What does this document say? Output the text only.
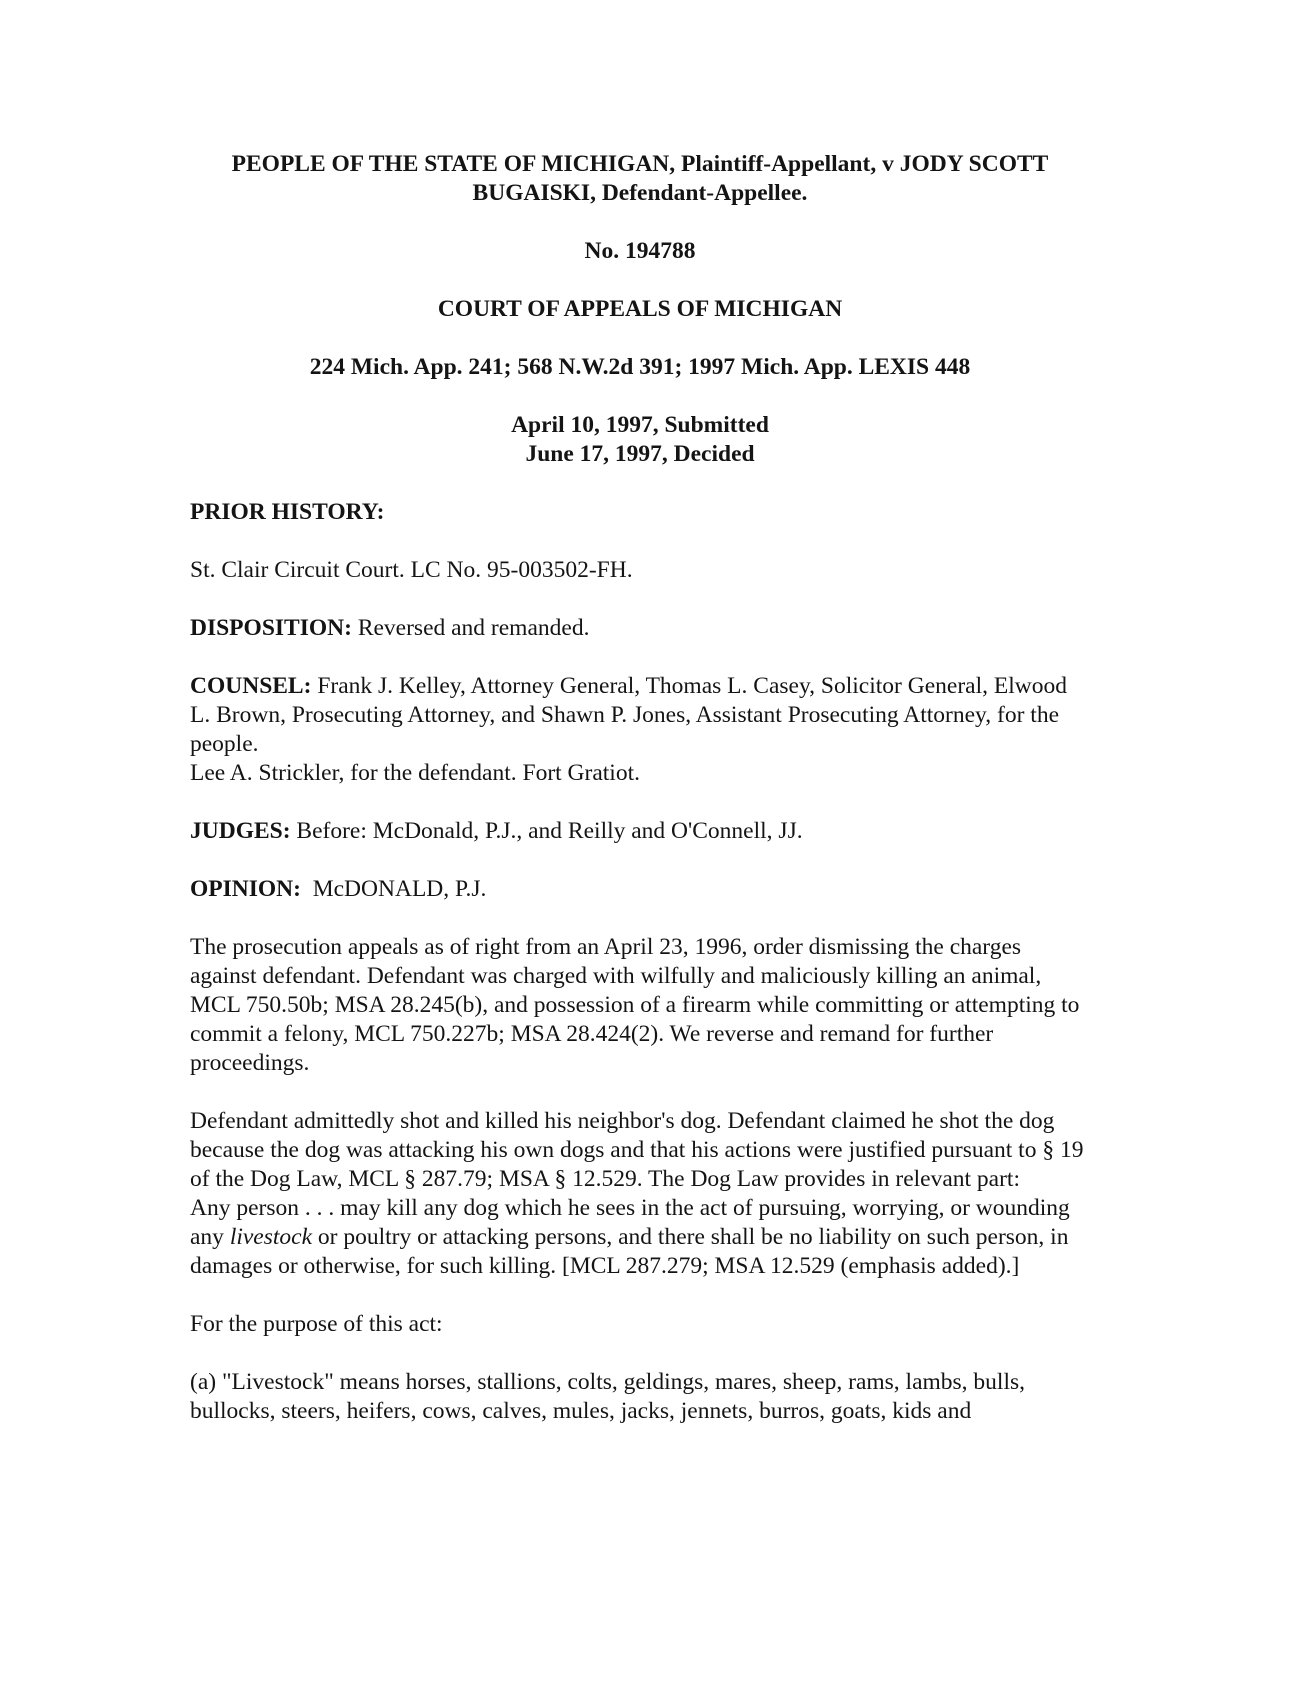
PEOPLE OF THE STATE OF MICHIGAN, Plaintiff-Appellant, v JODY SCOTT
BUGAISKI, Defendant-Appellee.
No. 194788
COURT OF APPEALS OF MICHIGAN
224 Mich. App. 241; 568 N.W.2d 391; 1997 Mich. App. LEXIS 448
April 10, 1997, Submitted
June 17, 1997, Decided

PRIOR HISTORY:

St. Clair Circuit Court. LC No. 95-003502-FH.

DISPOSITION: Reversed and remanded.

COUNSEL: Frank J. Kelley, Attorney General, Thomas L. Casey, Solicitor General, Elwood L. Brown, Prosecuting Attorney, and Shawn P. Jones, Assistant Prosecuting Attorney, for the people.

Lee A. Strickler, for the defendant. Fort Gratiot.

JUDGES: Before: McDonald, P.J., and Reilly and O'Connell, JJ.

OPINION: McDONALD, P.J.

The prosecution appeals as of right from an April 23, 1996, order dismissing the charges against defendant. Defendant was charged with wilfully and maliciously killing an animal, MCL 750.50b; MSA 28.245(b), and possession of a firearm while committing or attempting to commit a felony, MCL 750.227b; MSA 28.424(2). We reverse and remand for further proceedings.

Defendant admittedly shot and killed his neighbor's dog. Defendant claimed he shot the dog because the dog was attacking his own dogs and that his actions were justified pursuant to § 19 of the Dog Law, MCL § 287.79; MSA § 12.529. The Dog Law provides in relevant part:

Any person . . . may kill any dog which he sees in the act of pursuing, worrying, or wounding any livestock or poultry or attacking persons, and there shall be no liability on such person, in damages or otherwise, for such killing. [MCL 287.279; MSA 12.529 (emphasis added).]

For the purpose of this act:

(a) "Livestock" means horses, stallions, colts, geldings, mares, sheep, rams, lambs, bulls, bullocks, steers, heifers, cows, calves, mules, jacks, jennets, burros, goats, kids and
